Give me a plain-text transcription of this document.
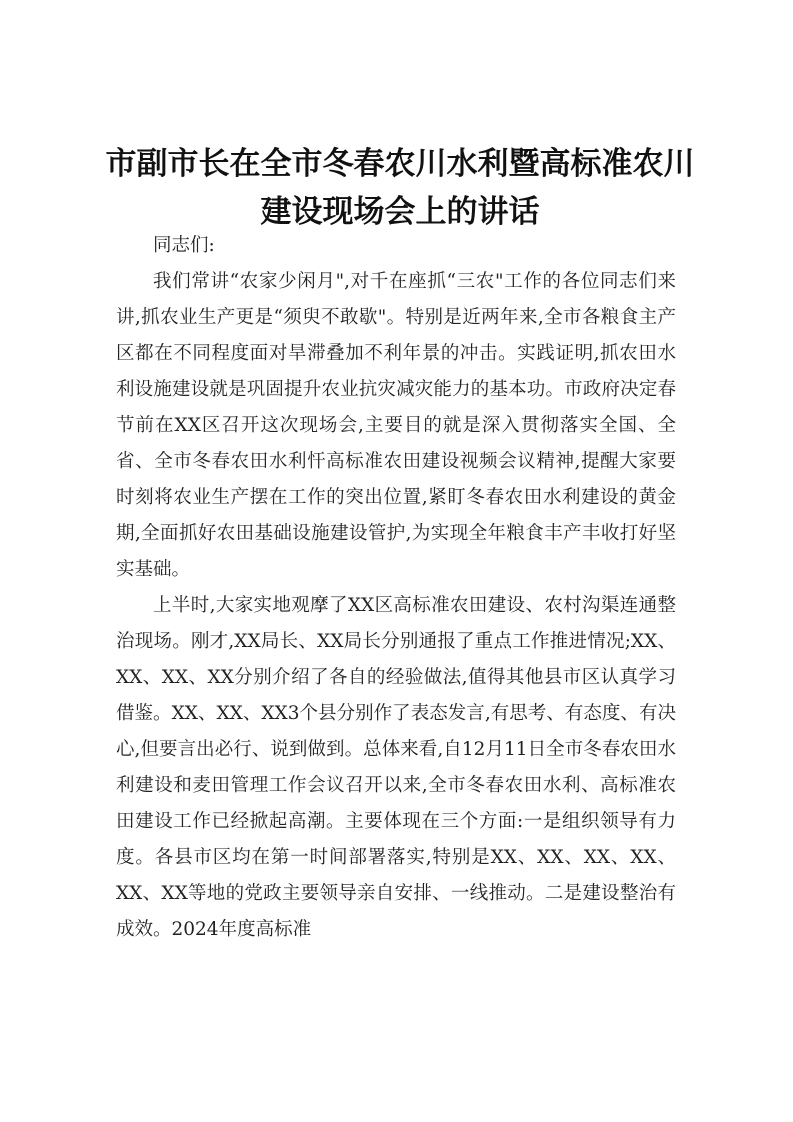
市副市长在全市冬春农川水利暨高标准农川建设现场会上的讲话

同志们:

我们常讲“农家少闲月",对千在座抓“三农"工作的各位同志们来讲,抓农业生产更是“须臾不敢歇"。特别是近两年来,全市各粮食主产区都在不同程度面对旱滞叠加不利年景的冲击。实践证明,抓农田水利设施建设就是巩固提升农业抗灾减灾能力的基本功。市政府决定春节前在XX区召开这次现场会,主要目的就是深入贯彻落实全国、全省、全市冬春农田水利忓高标准农田建设视频会议精神,提醒大家要时刻将农业生产摆在工作的突出位置,紧盯冬春农田水利建设的黄金期,全面抓好农田基础设施建设管护,为实现全年粮食丰产丰收打好坚实基础。

上半时,大家实地观摩了XX区高标准农田建设、农村沟渠连通整治现场。刚才,XX局长、XX局长分别通报了重点工作推进情况;XX、XX、XX、XX分别介绍了各自的经验做法,值得其他县市区认真学习借鉴。XX、XX、XX3个县分别作了表态发言,有思考、有态度、有决心,但要言出必行、说到做到。总体来看,自12月11日全市冬春农田水利建设和麦田管理工作会议召开以来,全市冬春农田水利、高标准农田建设工作已经掀起高潮。主要体现在三个方面:一是组织领导有力度。各县市区均在第一时间部署落实,特别是XX、XX、XX、XX、XX、XX等地的党政主要领导亲自安排、一线推动。二是建设整治有成效。2024年度高标准
